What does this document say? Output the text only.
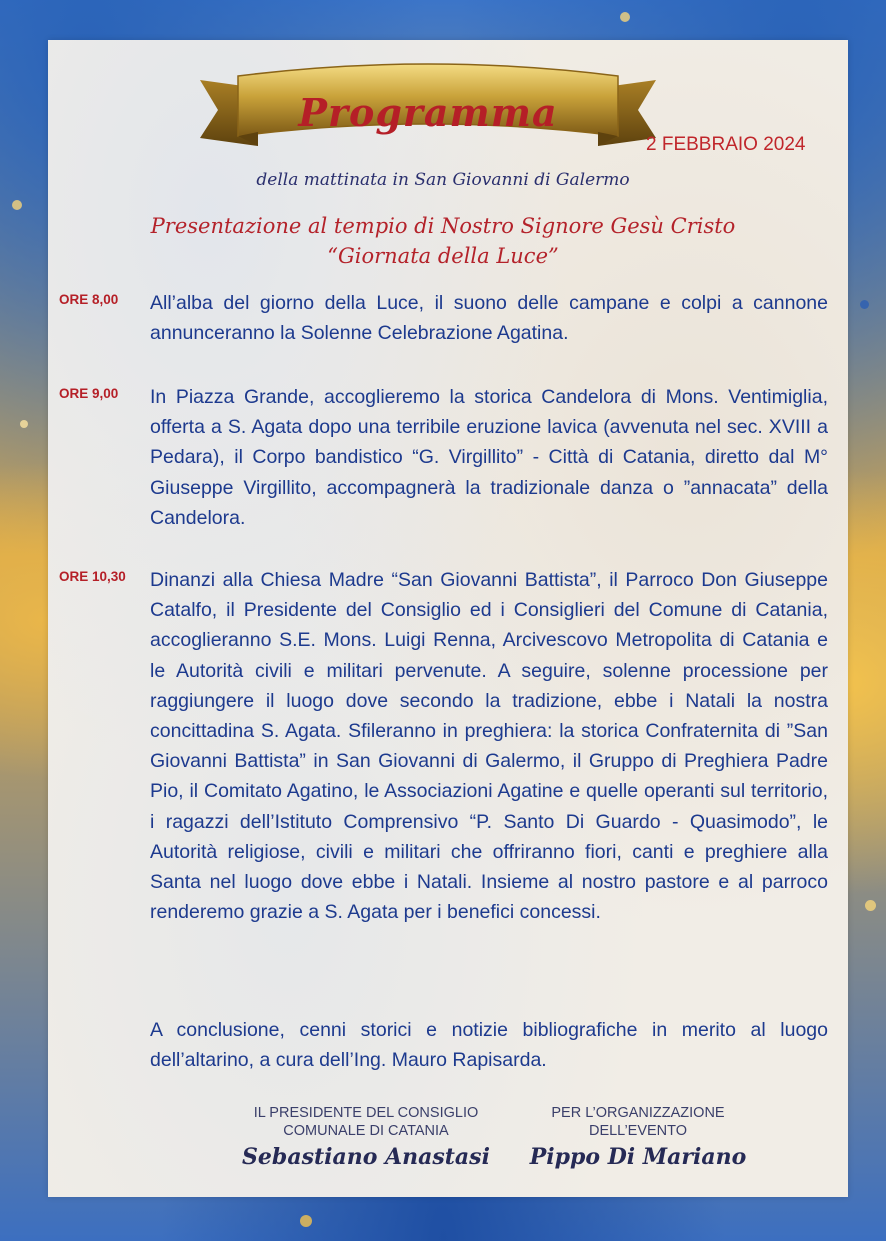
Programma
2 FEBBRAIO 2024
della mattinata in San Giovanni di Galermo
Presentazione al tempio di Nostro Signore Gesù Cristo
“Giornata della Luce”
ORE 8,00 All’alba del giorno della Luce, il suono delle campane e colpi a cannone annunceranno la Solenne Celebrazione Agatina.
ORE 9,00 In Piazza Grande, accoglieremo la storica Candelora di Mons. Ventimiglia, offerta a S. Agata dopo una terribile eruzione lavica (avvenuta nel sec. XVIII a Pedara), il Corpo bandistico “G. Virgillito” - Città di Catania, diretto dal M° Giuseppe Virgillito, accompagnerà la tradizionale danza o ”annacata” della Candelora.
ORE 10,30 Dinanzi alla Chiesa Madre “San Giovanni Battista”, il Parroco Don Giuseppe Catalfo, il Presidente del Consiglio ed i Consiglieri del Comune di Catania, accoglieranno S.E. Mons. Luigi Renna, Arcivescovo Metropolita di Catania e le Autorità civili e militari pervenute. A seguire, solenne processione per raggiungere il luogo dove secondo la tradizione, ebbe i Natali la nostra concittadina S. Agata. Sfileranno in preghiera: la storica Confraternita di ”San Giovanni Battista” in San Giovanni di Galermo, il Gruppo di Preghiera Padre Pio, il Comitato Agatino, le Associazioni Agatine e quelle operanti sul territorio, i ragazzi dell’Istituto Comprensivo “P. Santo Di Guardo - Quasimodo”, le Autorità religiose, civili e militari che offriranno fiori, canti e preghiere alla Santa nel luogo dove ebbe i Natali. Insieme al nostro pastore e al parroco renderemo grazie a S. Agata per i benefici concessi.
A conclusione, cenni storici e notizie bibliografiche in merito al luogo dell’altarino, a cura dell’Ing. Mauro Rapisarda.
IL PRESIDENTE DEL CONSIGLIO
COMUNALE DI CATANIA
Sebastiano Anastasi
PER L’ORGANIZZAZIONE
DELL’EVENTO
Pippo Di Mariano
